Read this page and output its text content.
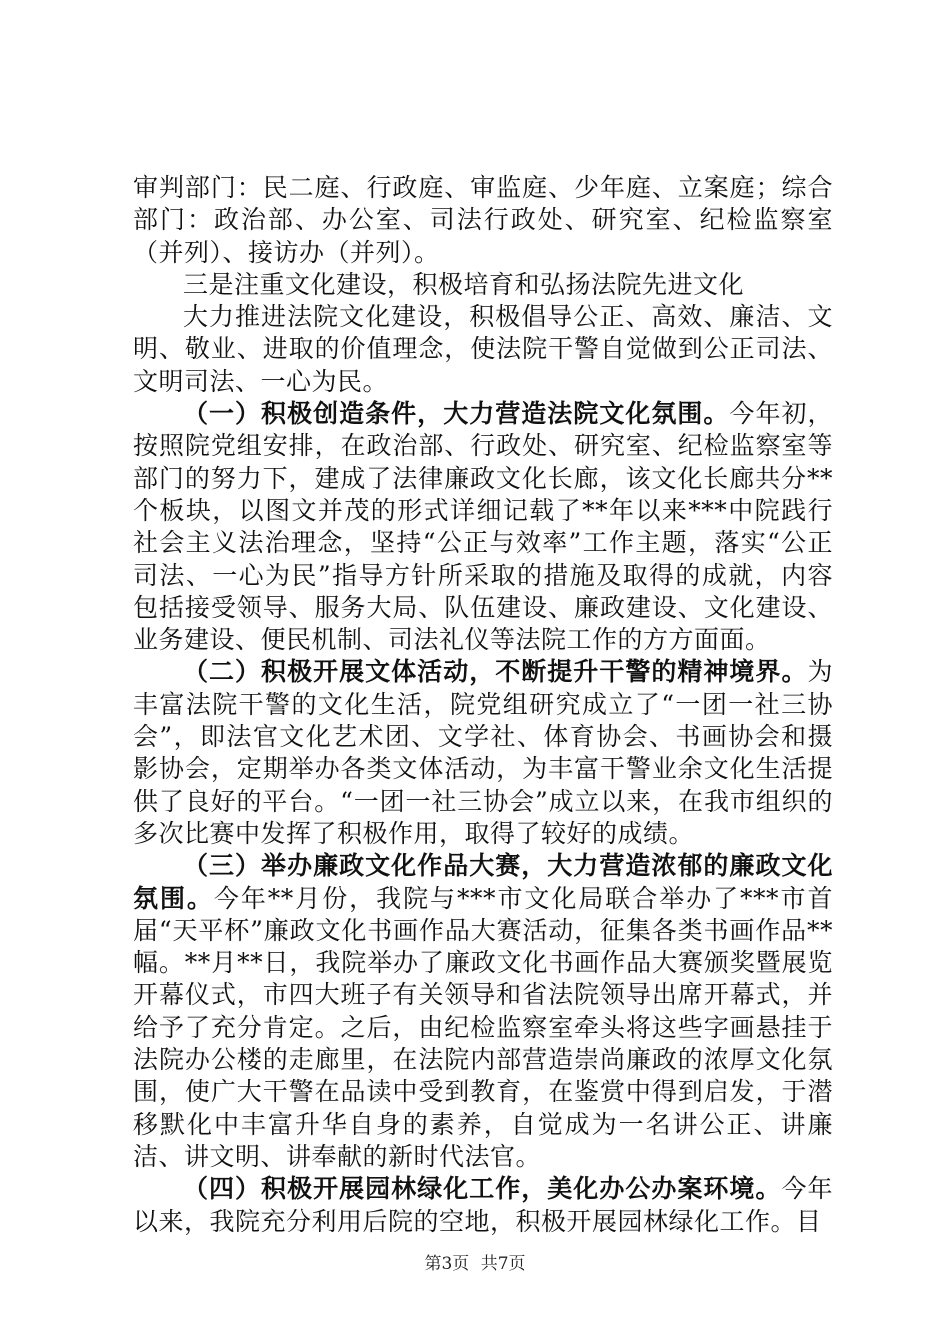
审判部门：民二庭、行政庭、审监庭、少年庭、立案庭；综合部门：政治部、办公室、司法行政处、研究室、纪检监察室（并列）、接访办（并列）。

三是注重文化建设，积极培育和弘扬法院先进文化

大力推进法院文化建设，积极倡导公正、高效、廉洁、文明、敬业、进取的价值理念，使法院干警自觉做到公正司法、文明司法、一心为民。

（一）积极创造条件，大力营造法院文化氛围。今年初，按照院党组安排，在政治部、行政处、研究室、纪检监察室等部门的努力下，建成了法律廉政文化长廊，该文化长廊共分**个板块，以图文并茂的形式详细记载了**年以来***中院践行社会主义法治理念，坚持“公正与效率”工作主题，落实“公正司法、一心为民”指导方针所采取的措施及取得的成就，内容包括接受领导、服务大局、队伍建设、廉政建设、文化建设、业务建设、便民机制、司法礼仪等法院工作的方方面面。

（二）积极开展文体活动，不断提升干警的精神境界。为丰富法院干警的文化生活，院党组研究成立了“一团一社三协会”，即法官文化艺术团、文学社、体育协会、书画协会和摄影协会，定期举办各类文体活动，为丰富干警业余文化生活提供了良好的平台。“一团一社三协会”成立以来，在我市组织的多次比赛中发挥了积极作用，取得了较好的成绩。

（三）举办廉政文化作品大赛，大力营造浓郁的廉政文化氛围。今年**月份，我院与***市文化局联合举办了***市首届“天平杯”廉政文化书画作品大赛活动，征集各类书画作品**幅。**月**日，我院举办了廉政文化书画作品大赛颁奖暨展览开幕仪式，市四大班子有关领导和省法院领导出席开幕式，并给予了充分肯定。之后，由纪检监察室牵头将这些字画悬挂于法院办公楼的走廊里，在法院内部营造崇尚廉政的浓厚文化氛围，使广大干警在品读中受到教育，在鉴赏中得到启发，于潜移默化中丰富升华自身的素养，自觉成为一名讲公正、讲廉洁、讲文明、讲奉献的新时代法官。

（四）积极开展园林绿化工作，美化办公办案环境。今年以来，我院充分利用后院的空地，积极开展园林绿化工作。目

第3页 共7页
